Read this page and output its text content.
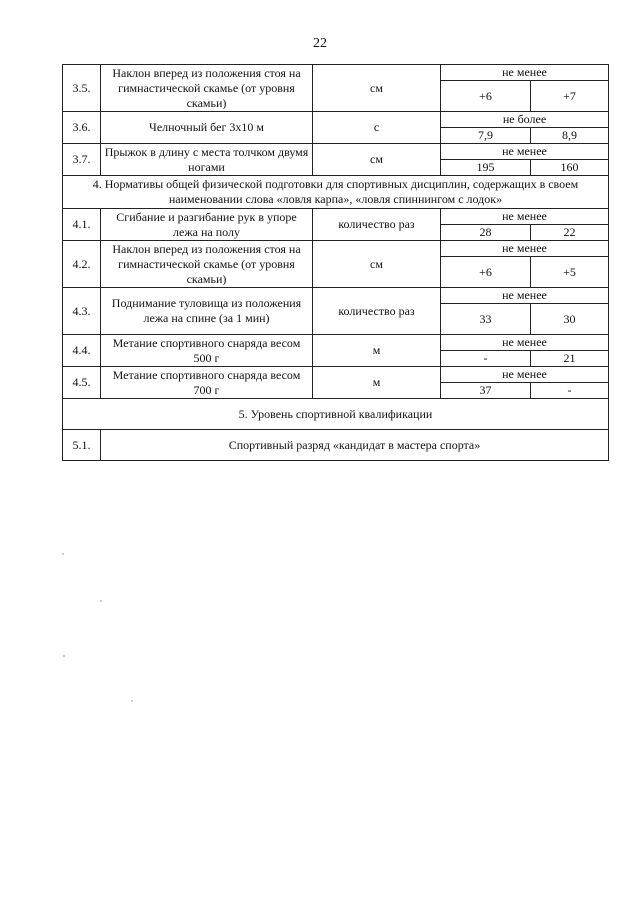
22
3.5.	Наклон вперед из положения стоя на гимнастической скамье (от уровня скамьи)	см	не менее	
			+6	+7
3.6.	Челночный бег 3х10 м	с	не более	
			7,9	8,9
3.7.	Прыжок в длину с места толчком двумя ногами	см	не менее	
			195	160
4. Нормативы общей физической подготовки для спортивных дисциплин, содержащих в своем наименовании слова «ловля карпа», «ловля спиннингом с лодок»				
4.1.	Сгибание и разгибание рук в упоре лежа на полу	количество раз	не менее	
			28	22
4.2.	Наклон вперед из положения стоя на гимнастической скамье (от уровня скамьи)	см	не менее	
			+6	+5
4.3.	Поднимание туловища из положения лежа на спине (за 1 мин)	количество раз	не менее	
			33	30
4.4.	Метание спортивного снаряда весом 500 г	м	не менее	
			-	21
4.5.	Метание спортивного снаряда весом 700 г	м	не менее	
			37	-
5. Уровень спортивной квалификации				
5.1.	Спортивный разряд «кандидат в мастера спорта»			
